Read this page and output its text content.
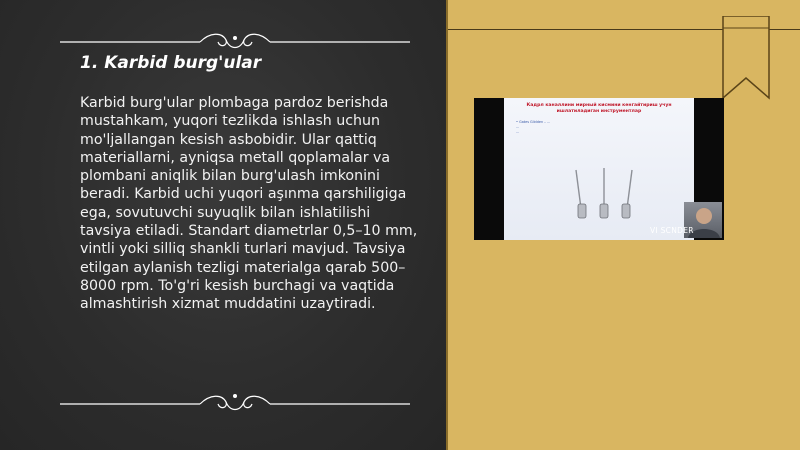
1. Karbid burg'ular

Karbid burg'ular plombaga pardoz berishda mustahkam, yuqori tezlikda ishlash uchun mo'ljallangan kesish asbobidir. Ular qattiq materiallarni, ayniqsa metall qoplamalar va plombani aniqlik bilan burg'ulash imkonini beradi. Karbid uchi yuqori aşınma qarshiligiga ega, sovutuvchi suyuqlik bilan ishlatilishi tavsiya etiladi. Standart diametrlar 0,5–10 mm, vintli yoki silliq shankli turlari mavjud. Tavsiya etilgan aylanish tezligi materialga qarab 500–8000 rpm. To'g'ri kesish burchagi va vaqtida almashtirish xizmat muddatini uzaytiradi.

Кадрл каналлини мирный кисмини кенгайтириш учун
ишлатиладиган инструментлар
• Gates Glidden – ...
...
...
VI SCNDER
